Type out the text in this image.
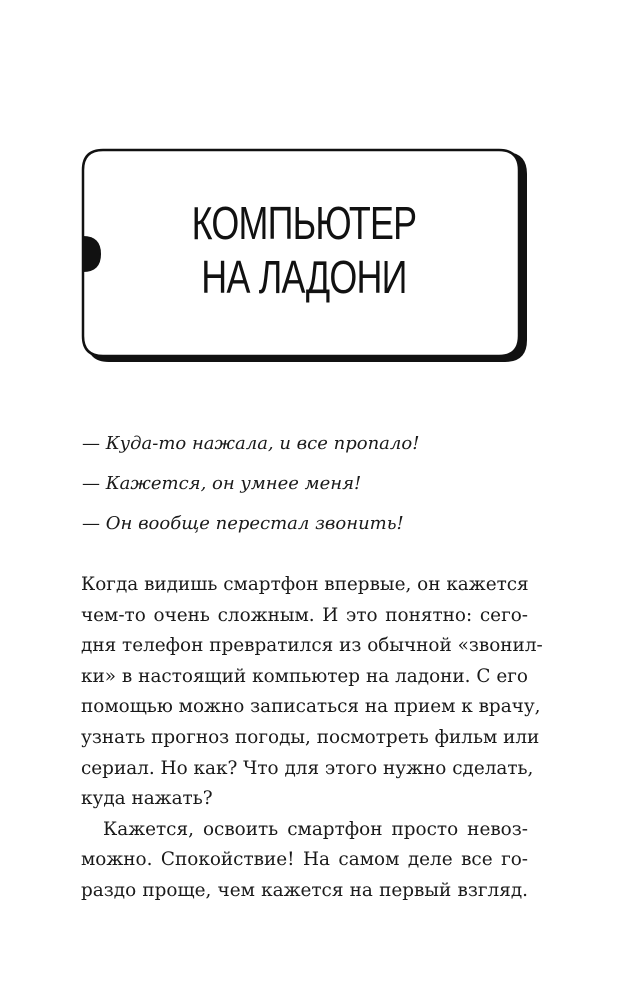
КОМПЬЮТЕР
НА ЛАДОНИ
— Куда-то нажала, и все пропало!
— Кажется, он умнее меня!
— Он вообще перестал звонить!
Когда видишь смартфон впервые, он кажется
чем-то очень сложным. И это понятно: сего-
дня телефон превратился из обычной «звонил-
ки» в настоящий компьютер на ладони. С его
помощью можно записаться на прием к врачу,
узнать прогноз погоды, посмотреть фильм или
сериал. Но как? Что для этого нужно сделать,
куда нажать?
Кажется, освоить смартфон просто невоз-
можно. Спокойствие! На самом деле все го-
раздо проще, чем кажется на первый взгляд.
